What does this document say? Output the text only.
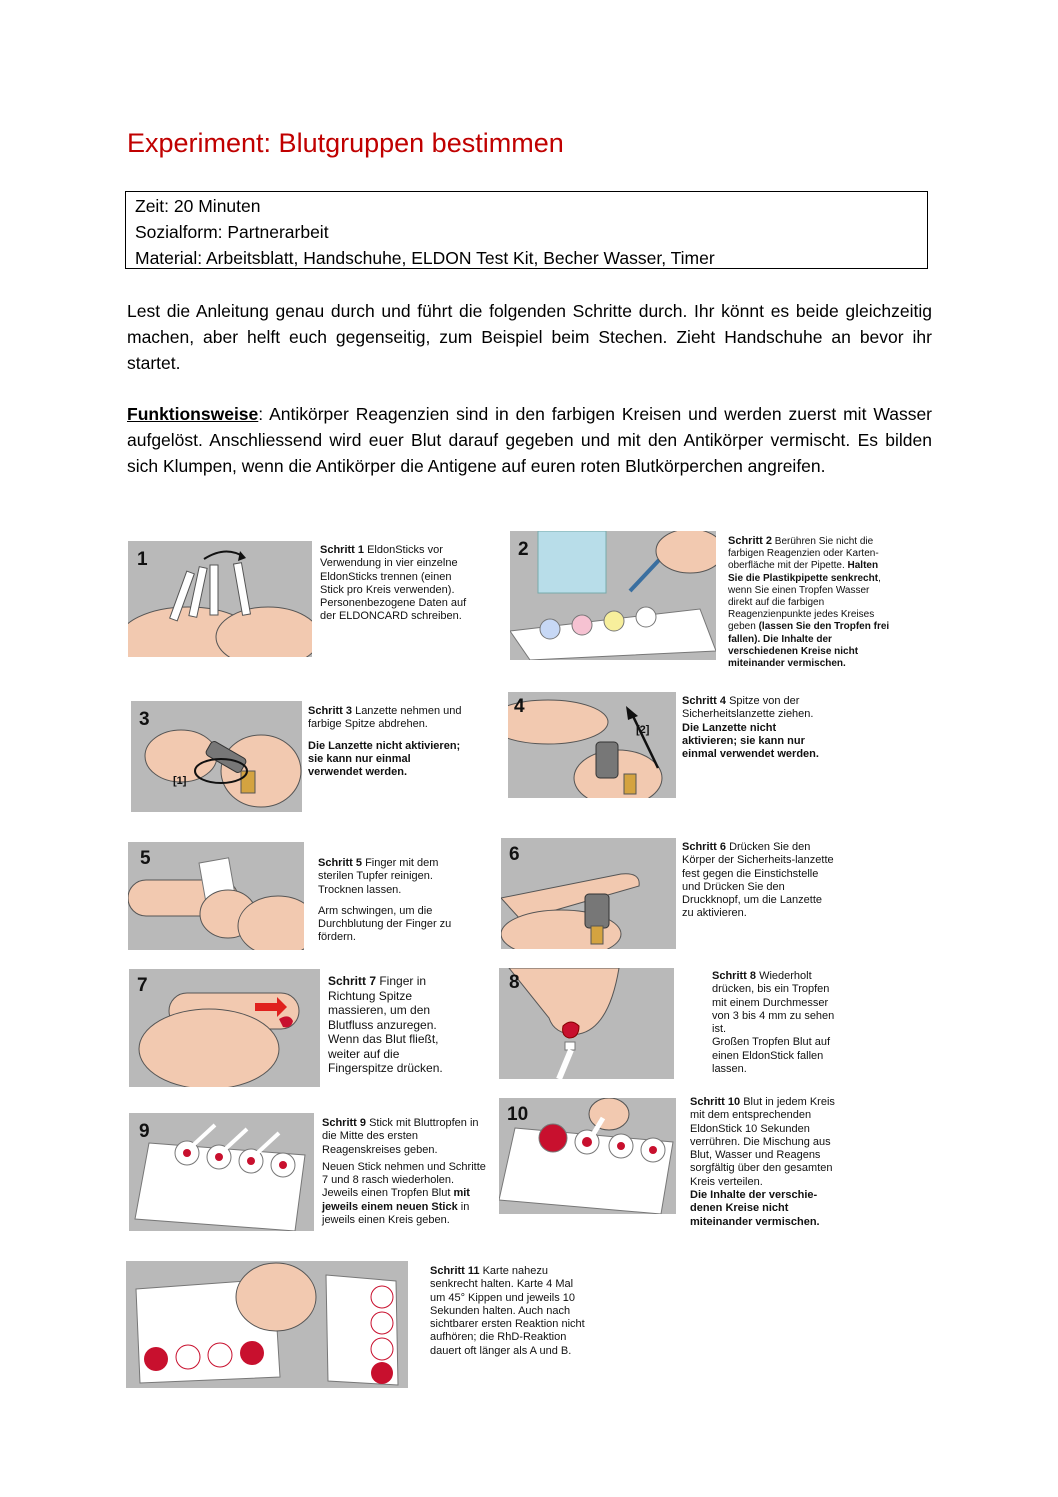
Experiment: Blutgruppen bestimmen
Zeit: 20 Minuten
Sozialform: Partnerarbeit
Material: Arbeitsblatt, Handschuhe, ELDON Test Kit, Becher Wasser, Timer
Lest die Anleitung genau durch und führt die folgenden Schritte durch. Ihr könnt es beide gleichzeitig machen, aber helft euch gegenseitig, zum Beispiel beim Stechen. Zieht Handschuhe an bevor ihr startet.
Funktionsweise: Antikörper Reagenzien sind in den farbigen Kreisen und werden zuerst mit Wasser aufgelöst. Anschliessend wird euer Blut darauf gegeben und mit den Antikörper vermischt. Es bilden sich Klumpen, wenn die Antikörper die Antigene auf euren roten Blutkörperchen angreifen.
1	Schritt 1 EldonSticks vor Verwendung in vier einzelne EldonSticks trennen (einen Stick pro Kreis verwenden). Personenbezogene Daten auf der ELDONCARD schreiben.
2	Schritt 2 Berühren Sie nicht die farbigen Reagenzien oder Karten-oberfläche mit der Pipette. Halten Sie die Plastikpipette senkrecht, wenn Sie einen Tropfen Wasser direkt auf die farbigen Reagenzienpunkte jedes Kreises geben (lassen Sie den Tropfen frei fallen). Die Inhalte der verschiedenen Kreise nicht miteinander vermischen.
3
[1]
Schritt 3 Lanzette nehmen und farbige Spitze abdrehen.
Die Lanzette nicht aktivieren; sie kann nur einmal verwendet werden.
4
[2]
Schritt 4 Spitze von der Sicherheitslanzette ziehen. Die Lanzette nicht aktivieren; sie kann nur einmal verwendet werden.
5	Schritt 5 Finger mit dem sterilen Tupfer reinigen. Trocknen lassen.
Arm schwingen, um die Durchblutung der Finger zu fördern.
6	Schritt 6 Drücken Sie den Körper der Sicherheits-lanzette fest gegen die Einstichstelle und Drücken Sie den Druckknopf, um die Lanzette zu aktivieren.
7	Schritt 7 Finger in Richtung Spitze massieren, um den Blutfluss anzuregen. Wenn das Blut fließt, weiter auf die Fingerspitze drücken.
8	Schritt 8 Wiederholt drücken, bis ein Tropfen mit einem Durchmesser von 3 bis 4 mm zu sehen ist.
Großen Tropfen Blut auf einen EldonStick fallen lassen.
9	Schritt 9 Stick mit Bluttropfen in die Mitte des ersten Reagenskreises geben.
Neuen Stick nehmen und Schritte 7 und 8 rasch wiederholen. Jeweils einen Tropfen Blut mit jeweils einem neuen Stick in jeweils einen Kreis geben.
10
Schritt 10 Blut in jedem Kreis mit dem entsprechenden EldonStick 10 Sekunden verrühren. Die Mischung aus Blut, Wasser und Reagens sorgfältig über den gesamten Kreis verteilen.
Die Inhalte der verschie-denen Kreise nicht miteinander vermischen.
Schritt 11 Karte nahezu senkrecht halten. Karte 4 Mal um 45° Kippen und jeweils 10 Sekunden halten. Auch nach sichtbarer ersten Reaktion nicht aufhören; die RhD-Reaktion dauert oft länger als A und B.
